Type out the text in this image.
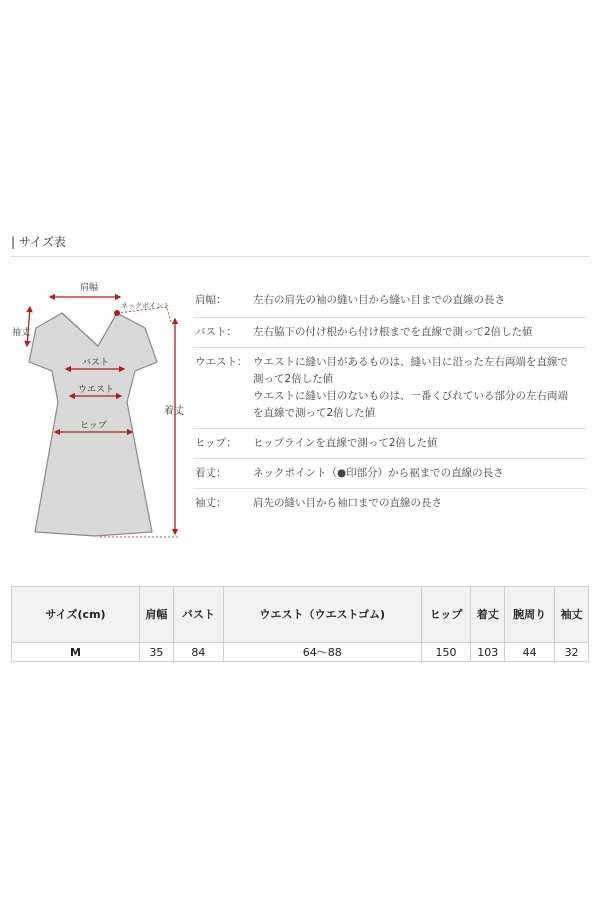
| サイズ表
肩幅
ネックポイント
袖丈
バスト
ウエスト
ヒップ
着丈
肩幅：	左右の肩先の袖の縫い目から縫い目までの直線の長さ
バスト：	左右脇下の付け根から付け根までを直線で測って2倍した値
ウエスト： ウエストに縫い目があるものは、縫い目に沿った左右両端を直線で
測って2倍した値
ウエストに縫い目のないものは、一番くびれている部分の左右両端
を直線で測って2倍した値
ヒップ：	ヒップラインを直線で測って2倍した値
着丈：	ネックポイント（●印部分）から裾までの直線の長さ
袖丈：	肩先の縫い目から袖口までの直線の長さ
サイズ(cm)	肩幅	バスト	ウエスト（ウエストゴム)	ヒップ	着丈	腕周り	袖丈
M	35	84	64〜88	150	103	44	32
